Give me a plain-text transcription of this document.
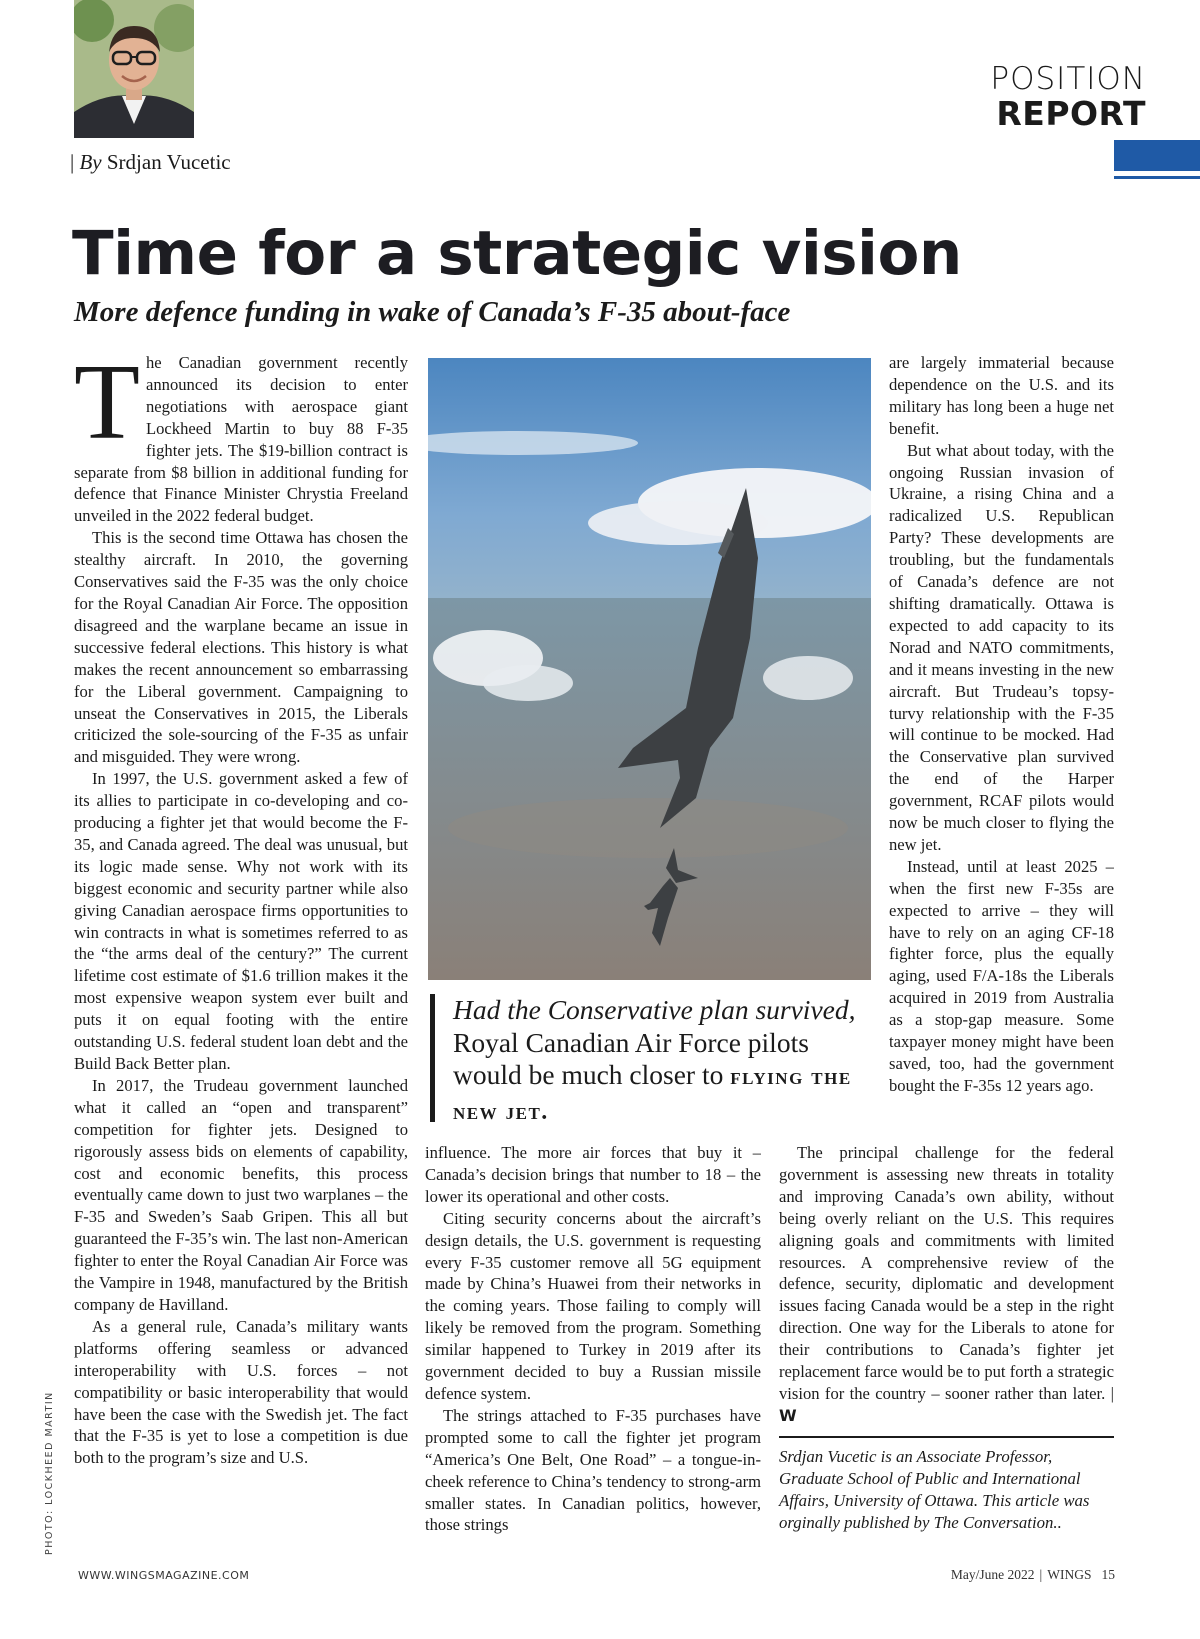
| By Srdjan Vucetic
POSITION
REPORT
Time for a strategic vision
More defence funding in wake of Canada’s F-35 about-face

The Canadian government recently announced its decision to enter negotiations with aerospace giant Lockheed Martin to buy 88 F-35 fighter jets. The $19-billion contract is separate from $8 billion in additional funding for defence that Finance Minister Chrystia Freeland unveiled in the 2022 federal budget.

This is the second time Ottawa has chosen the stealthy aircraft. In 2010, the governing Conservatives said the F-35 was the only choice for the Royal Canadian Air Force. The opposition disagreed and the warplane became an issue in successive federal elections. This history is what makes the recent announcement so embarrassing for the Liberal government. Campaigning to unseat the Conservatives in 2015, the Liberals criticized the sole-sourcing of the F-35 as unfair and misguided. They were wrong.

In 1997, the U.S. government asked a few of its allies to participate in co-developing and co-producing a fighter jet that would become the F-35, and Canada agreed. The deal was unusual, but its logic made sense. Why not work with its biggest economic and security partner while also giving Canadian aerospace firms opportunities to win contracts in what is sometimes referred to as the “the arms deal of the century?” The current lifetime cost estimate of $1.6 trillion makes it the most expensive weapon system ever built and puts it on equal footing with the entire outstanding U.S. federal student loan debt and the Build Back Better plan.

In 2017, the Trudeau government launched what it called an “open and transparent” competition for fighter jets. Designed to rigorously assess bids on elements of capability, cost and economic benefits, this process eventually came down to just two warplanes – the F-35 and Sweden’s Saab Gripen. This all but guaranteed the F-35’s win. The last non-American fighter to enter the Royal Canadian Air Force was the Vampire in 1948, manufactured by the British company de Havilland.

As a general rule, Canada’s military wants platforms offering seamless or advanced interoperability with U.S. forces – not compatibility or basic interoperability that would have been the case with the Swedish jet. The fact that the F-35 is yet to lose a competition is due both to the program’s size and U.S.

Had the Conservative plan survived, Royal Canadian Air Force pilots would be much closer to flying the new jet.

influence. The more air forces that buy it – Canada’s decision brings that number to 18 – the lower its operational and other costs.

Citing security concerns about the aircraft’s design details, the U.S. government is requesting every F-35 customer remove all 5G equipment made by China’s Huawei from their networks in the coming years. Those failing to comply will likely be removed from the program. Something similar happened to Turkey in 2019 after its government decided to buy a Russian missile defence system.

The strings attached to F-35 purchases have prompted some to call the fighter jet program “America’s One Belt, One Road” – a tongue-in-cheek reference to China’s tendency to strong-arm smaller states. In Canadian politics, however, those strings

are largely immaterial because dependence on the U.S. and its military has long been a huge net benefit.

But what about today, with the ongoing Russian invasion of Ukraine, a rising China and a radicalized U.S. Republican Party? These developments are troubling, but the fundamentals of Canada’s defence are not shifting dramatically. Ottawa is expected to add capacity to its Norad and NATO commitments, and it means investing in the new aircraft. But Trudeau’s topsy-turvy relationship with the F-35 will continue to be mocked. Had the Conservative plan survived the end of the Harper government, RCAF pilots would now be much closer to flying the new jet.

Instead, until at least 2025 – when the first new F-35s are expected to arrive – they will have to rely on an aging CF-18 fighter force, plus the equally aging, used F/A-18s the Liberals acquired in 2019 from Australia as a stop-gap measure. Some taxpayer money might have been saved, too, had the government bought the F-35s 12 years ago.

The principal challenge for the federal government is assessing new threats in totality and improving Canada’s own ability, without being overly reliant on the U.S. This requires aligning goals and commitments with limited resources. A comprehensive review of the defence, security, diplomatic and development issues facing Canada would be a step in the right direction. One way for the Liberals to atone for their contributions to Canada’s fighter jet replacement farce would be to put forth a strategic vision for the country – sooner rather than later. | W

Srdjan Vucetic is an Associate Professor, Graduate School of Public and International Affairs, University of Ottawa. This article was orginally published by The Conversation..
PHOTO: LOCKHEED MARTIN
WWW.WINGSMAGAZINE.COM	May/June 2022 | WINGS 15
